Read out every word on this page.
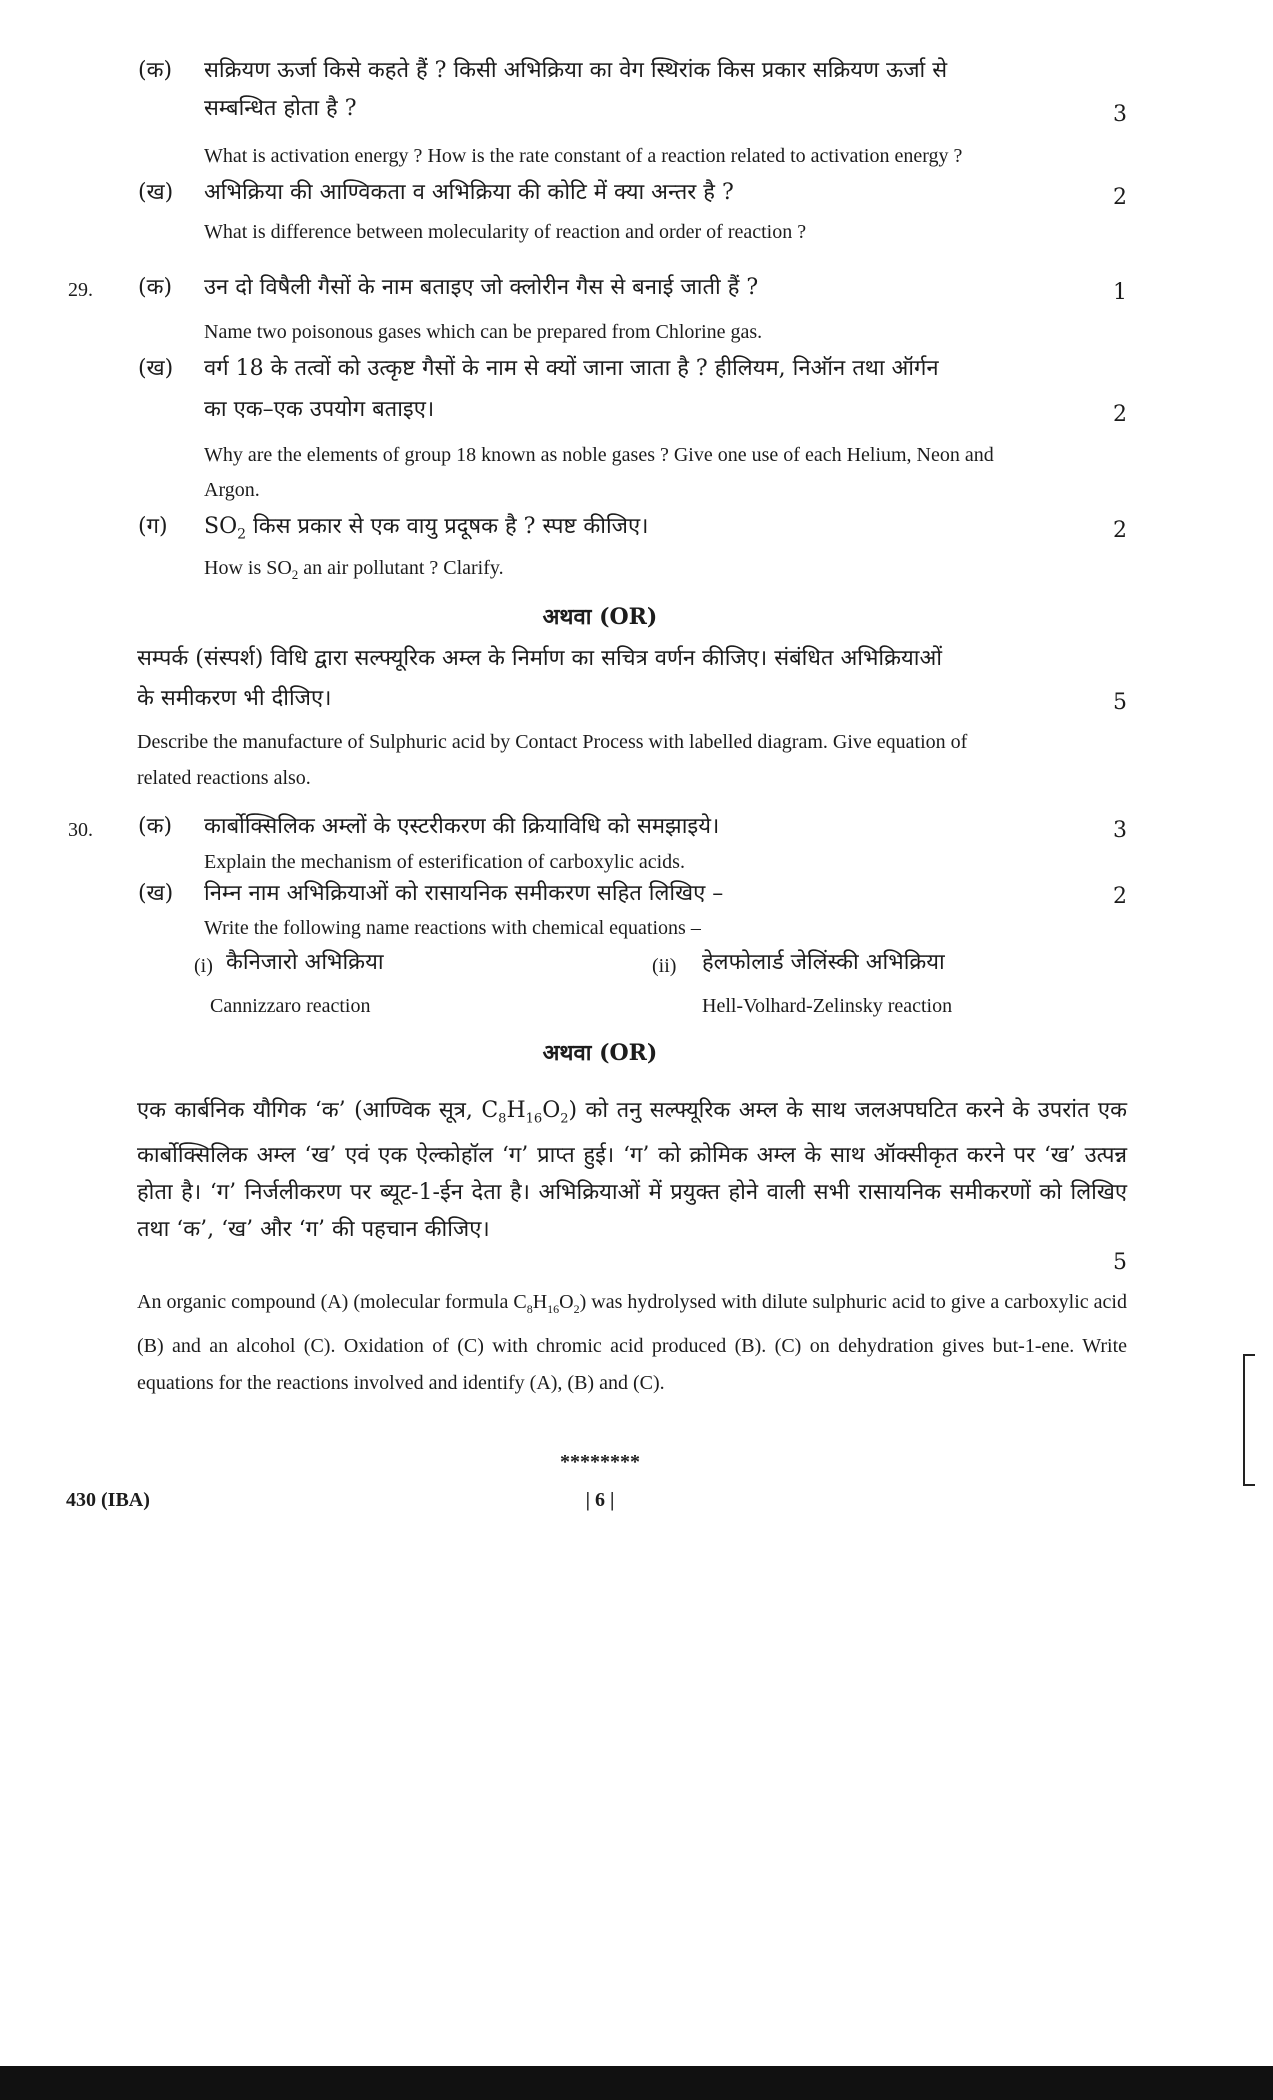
(क) सक्रियण ऊर्जा किसे कहते हैं ? किसी अभिक्रिया का वेग स्थिरांक किस प्रकार सक्रियण ऊर्जा से
सम्बन्धित होता है ?	3
What is activation energy ? How is the rate constant of a reaction related to activation energy ?
(ख) अभिक्रिया की आण्विकता व अभिक्रिया की कोटि में क्या अन्तर है ?	2
What is difference between molecularity of reaction and order of reaction ?
29. (क) उन दो विषैली गैसों के नाम बताइए जो क्लोरीन गैस से बनाई जाती हैं ?	1
Name two poisonous gases which can be prepared from Chlorine gas.
(ख) वर्ग 18 के तत्वों को उत्कृष्ट गैसों के नाम से क्यों जाना जाता है ? हीलियम, निऑन तथा ऑर्गन
का एक–एक उपयोग बताइए।	2
Why are the elements of group 18 known as noble gases ? Give one use of each Helium, Neon and
Argon.
(ग) $SO_2$ किस प्रकार से एक वायु प्रदूषक है ? स्पष्ट कीजिए।	2
How is $SO_2$ an air pollutant ? Clarify.
अथवा (OR)
सम्पर्क (संस्पर्श) विधि द्वारा सल्फ्यूरिक अम्ल के निर्माण का सचित्र वर्णन कीजिए। संबंधित अभिक्रियाओं
के समीकरण भी दीजिए।	5
Describe the manufacture of Sulphuric acid by Contact Process with labelled diagram. Give equation of
related reactions also.
30. (क) कार्बोक्सिलिक अम्लों के एस्टरीकरण की क्रियाविधि को समझाइये।	3
Explain the mechanism of esterification of carboxylic acids.
(ख) निम्न नाम अभिक्रियाओं को रासायनिक समीकरण सहित लिखिए –	2
Write the following name reactions with chemical equations –
(i) कैनिजारो अभिक्रिया
Cannizzaro reaction
(ii) हेलफोलार्ड जेलिंस्की अभिक्रिया
Hell-Volhard-Zelinsky reaction
अथवा (OR)
एक कार्बनिक यौगिक ‘क’ (आण्विक सूत्र, $C_8H_{16}O_2$) को तनु सल्फ्यूरिक अम्ल के साथ जलअपघटित करने के उपरांत एक कार्बोक्सिलिक अम्ल ‘ख’ एवं एक ऐल्कोहॉल ‘ग’ प्राप्त हुई। ‘ग’ को क्रोमिक अम्ल के साथ ऑक्सीकृत करने पर ‘ख’ उत्पन्न होता है। ‘ग’ निर्जलीकरण पर ब्यूट-1-ईन देता है। अभिक्रियाओं में प्रयुक्त होने वाली सभी रासायनिक समीकरणों को लिखिए तथा ‘क’, ‘ख’ और ‘ग’ की पहचान कीजिए।
5
An organic compound (A) (molecular formula $C_8H_{16}O_2$) was hydrolysed with dilute sulphuric acid to give a carboxylic acid (B) and an alcohol (C). Oxidation of (C) with chromic acid produced (B). (C) on dehydration gives but-1-ene. Write equations for the reactions involved and identify (A), (B) and (C).
********
430 (IBA)	| 6 |
